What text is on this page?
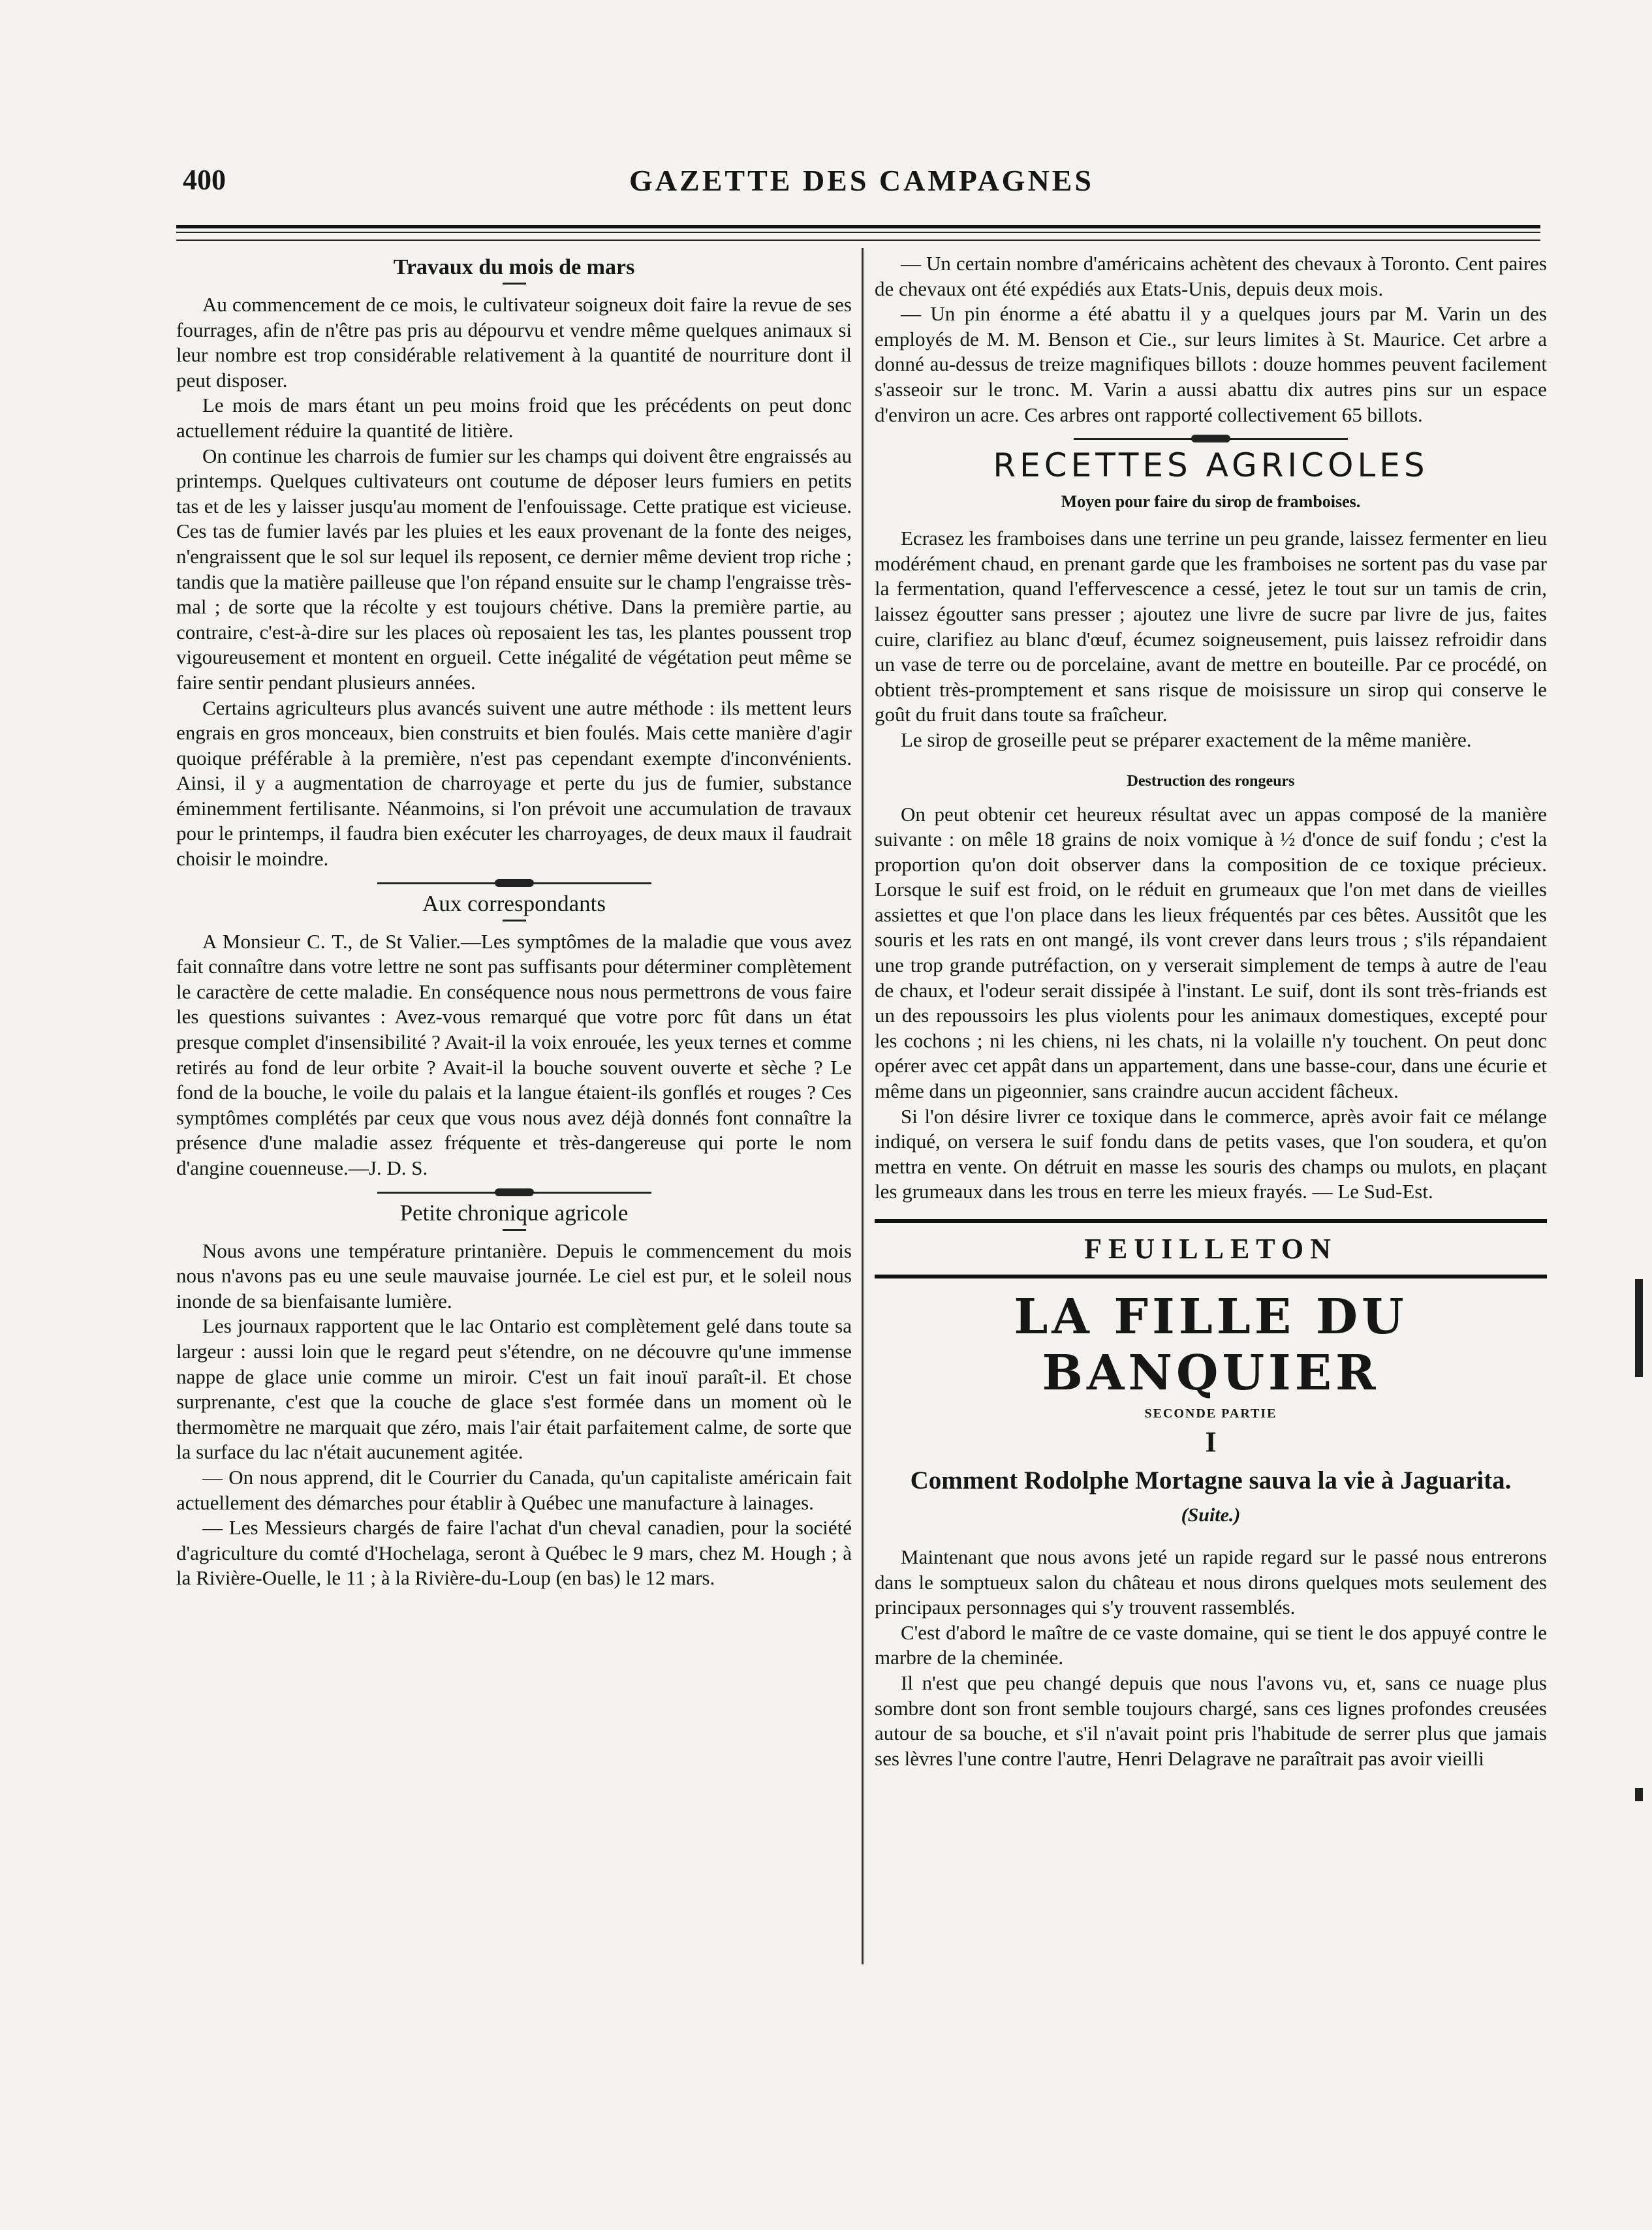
400	GAZETTE DES CAMPAGNES
Travaux du mois de mars

Au commencement de ce mois, le cultivateur soigneux doit faire la revue de ses fourrages, afin de n'être pas pris au dépourvu et vendre même quelques animaux si leur nombre est trop considérable relativement à la quantité de nourriture dont il peut disposer.

Le mois de mars étant un peu moins froid que les précédents on peut donc actuellement réduire la quantité de litière.

On continue les charrois de fumier sur les champs qui doivent être engraissés au printemps. Quelques cultivateurs ont coutume de déposer leurs fumiers en petits tas et de les y laisser jusqu'au moment de l'enfouissage. Cette pratique est vicieuse. Ces tas de fumier lavés par les pluies et les eaux provenant de la fonte des neiges, n'engraissent que le sol sur lequel ils reposent, ce dernier même devient trop riche ; tandis que la matière pailleuse que l'on répand ensuite sur le champ l'engraisse très-mal ; de sorte que la récolte y est toujours chétive. Dans la première partie, au contraire, c'est-à-dire sur les places où reposaient les tas, les plantes poussent trop vigoureusement et montent en orgueil. Cette inégalité de végétation peut même se faire sentir pendant plusieurs années.

Certains agriculteurs plus avancés suivent une autre méthode : ils mettent leurs engrais en gros monceaux, bien construits et bien foulés. Mais cette manière d'agir quoique préférable à la première, n'est pas cependant exempte d'inconvénients. Ainsi, il y a augmentation de charroyage et perte du jus de fumier, substance éminemment fertilisante. Néanmoins, si l'on prévoit une accumulation de travaux pour le printemps, il faudra bien exécuter les charroyages, de deux maux il faudrait choisir le moindre.

Aux correspondants

A Monsieur C. T., de St Valier.—Les symptômes de la maladie que vous avez fait connaître dans votre lettre ne sont pas suffisants pour déterminer complètement le caractère de cette maladie. En conséquence nous nous permettrons de vous faire les questions suivantes : Avez-vous remarqué que votre porc fût dans un état presque complet d'insensibilité ? Avait-il la voix enrouée, les yeux ternes et comme retirés au fond de leur orbite ? Avait-il la bouche souvent ouverte et sèche ? Le fond de la bouche, le voile du palais et la langue étaient-ils gonflés et rouges ? Ces symptômes complétés par ceux que vous nous avez déjà donnés font connaître la présence d'une maladie assez fréquente et très-dangereuse qui porte le nom d'angine couenneuse.—J. D. S.

Petite chronique agricole

Nous avons une température printanière. Depuis le commencement du mois nous n'avons pas eu une seule mauvaise journée. Le ciel est pur, et le soleil nous inonde de sa bienfaisante lumière.

Les journaux rapportent que le lac Ontario est complètement gelé dans toute sa largeur : aussi loin que le regard peut s'étendre, on ne découvre qu'une immense nappe de glace unie comme un miroir. C'est un fait inouï paraît-il. Et chose surprenante, c'est que la couche de glace s'est formée dans un moment où le thermomètre ne marquait que zéro, mais l'air était parfaitement calme, de sorte que la surface du lac n'était aucunement agitée.

— On nous apprend, dit le Courrier du Canada, qu'un capitaliste américain fait actuellement des démarches pour établir à Québec une manufacture à lainages.

— Les Messieurs chargés de faire l'achat d'un cheval canadien, pour la société d'agriculture du comté d'Hochelaga, seront à Québec le 9 mars, chez M. Hough ; à la Rivière-Ouelle, le 11 ; à la Rivière-du-Loup (en bas) le 12 mars.

— Un certain nombre d'américains achètent des chevaux à Toronto. Cent paires de chevaux ont été expédiés aux Etats-Unis, depuis deux mois.

— Un pin énorme a été abattu il y a quelques jours par M. Varin un des employés de M. M. Benson et Cie., sur leurs limites à St. Maurice. Cet arbre a donné au-dessus de treize magnifiques billots : douze hommes peuvent facilement s'asseoir sur le tronc. M. Varin a aussi abattu dix autres pins sur un espace d'environ un acre. Ces arbres ont rapporté collectivement 65 billots.

RECETTES AGRICOLES
Moyen pour faire du sirop de framboises.

Ecrasez les framboises dans une terrine un peu grande, laissez fermenter en lieu modérément chaud, en prenant garde que les framboises ne sortent pas du vase par la fermentation, quand l'effervescence a cessé, jetez le tout sur un tamis de crin, laissez égoutter sans presser ; ajoutez une livre de sucre par livre de jus, faites cuire, clarifiez au blanc d'œuf, écumez soigneusement, puis laissez refroidir dans un vase de terre ou de porcelaine, avant de mettre en bouteille. Par ce procédé, on obtient très-promptement et sans risque de moisissure un sirop qui conserve le goût du fruit dans toute sa fraîcheur.

Le sirop de groseille peut se préparer exactement de la même manière.

Destruction des rongeurs

On peut obtenir cet heureux résultat avec un appas composé de la manière suivante : on mêle 18 grains de noix vomique à ½ d'once de suif fondu ; c'est la proportion qu'on doit observer dans la composition de ce toxique précieux. Lorsque le suif est froid, on le réduit en grumeaux que l'on met dans de vieilles assiettes et que l'on place dans les lieux fréquentés par ces bêtes. Aussitôt que les souris et les rats en ont mangé, ils vont crever dans leurs trous ; s'ils répandaient une trop grande putréfaction, on y verserait simplement de temps à autre de l'eau de chaux, et l'odeur serait dissipée à l'instant. Le suif, dont ils sont très-friands est un des repoussoirs les plus violents pour les animaux domestiques, excepté pour les cochons ; ni les chiens, ni les chats, ni la volaille n'y touchent. On peut donc opérer avec cet appât dans un appartement, dans une basse-cour, dans une écurie et même dans un pigeonnier, sans craindre aucun accident fâcheux.

Si l'on désire livrer ce toxique dans le commerce, après avoir fait ce mélange indiqué, on versera le suif fondu dans de petits vases, que l'on soudera, et qu'on mettra en vente. On détruit en masse les souris des champs ou mulots, en plaçant les grumeaux dans les trous en terre les mieux frayés. — Le Sud-Est.

FEUILLETON
LA FILLE DU BANQUIER
SECONDE PARTIE
I
Comment Rodolphe Mortagne sauva la vie à Jaguarita.
(Suite.)

Maintenant que nous avons jeté un rapide regard sur le passé nous entrerons dans le somptueux salon du château et nous dirons quelques mots seulement des principaux personnages qui s'y trouvent rassemblés.

C'est d'abord le maître de ce vaste domaine, qui se tient le dos appuyé contre le marbre de la cheminée.

Il n'est que peu changé depuis que nous l'avons vu, et, sans ce nuage plus sombre dont son front semble toujours chargé, sans ces lignes profondes creusées autour de sa bouche, et s'il n'avait point pris l'habitude de serrer plus que jamais ses lèvres l'une contre l'autre, Henri Delagrave ne paraîtrait pas avoir vieilli
